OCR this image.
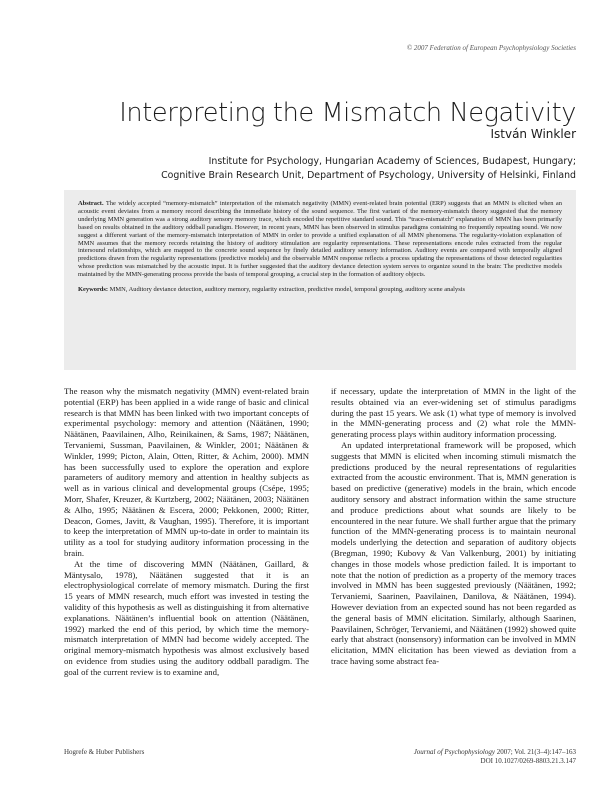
© 2007 Federation of European Psychophysiology Societies
Interpreting the Mismatch Negativity
István Winkler
Institute for Psychology, Hungarian Academy of Sciences, Budapest, Hungary;
Cognitive Brain Research Unit, Department of Psychology, University of Helsinki, Finland

Abstract. The widely accepted “memory-mismatch” interpretation of the mismatch negativity (MMN) event-related brain potential (ERP) suggests that an MMN is elicited when an acoustic event deviates from a memory record describing the immediate history of the sound sequence. The first variant of the memory-mismatch theory suggested that the memory underlying MMN generation was a strong auditory sensory memory trace, which encoded the repetitive standard sound. This “trace-mismatch” explanation of MMN has been primarily based on results obtained in the auditory oddball paradigm. However, in recent years, MMN has been observed in stimulus paradigms containing no frequently repeating sound. We now suggest a different variant of the memory-mismatch interpretation of MMN in order to provide a unified explanation of all MMN phenomena. The regularity-violation explanation of MMN assumes that the memory records retaining the history of auditory stimulation are regularity representations. These representations encode rules extracted from the regular intersound relationships, which are mapped to the concrete sound sequence by finely detailed auditory sensory information. Auditory events are compared with temporally aligned predictions drawn from the regularity representations (predictive models) and the observable MMN response reflects a process updating the representations of those detected regularities whose prediction was mismatched by the acoustic input. It is further suggested that the auditory deviance detection system serves to organize sound in the brain: The predictive models maintained by the MMN-generating process provide the basis of temporal grouping, a crucial step in the formation of auditory objects.

Keywords: MMN, Auditory deviance detection, auditory memory, regularity extraction, predictive model, temporal grouping, auditory scene analysis

The reason why the mismatch negativity (MMN) event-related brain potential (ERP) has been applied in a wide range of basic and clinical research is that MMN has been linked with two important concepts of experimental psychology: memory and attention (Näätänen, 1990; Näätänen, Paavilainen, Alho, Reinikainen, & Sams, 1987; Näätänen, Tervaniemi, Sussman, Paavilainen, & Winkler, 2001; Näätänen & Winkler, 1999; Picton, Alain, Otten, Ritter, & Achim, 2000). MMN has been successfully used to explore the operation and explore parameters of auditory memory and attention in healthy subjects as well as in various clinical and developmental groups (Csépe, 1995; Morr, Shafer, Kreuzer, & Kurtzberg, 2002; Näätänen, 2003; Näätänen & Alho, 1995; Näätänen & Escera, 2000; Pekkonen, 2000; Ritter, Deacon, Gomes, Javitt, & Vaughan, 1995). Therefore, it is important to keep the interpretation of MMN up-to-date in order to maintain its utility as a tool for studying auditory information processing in the brain.

At the time of discovering MMN (Näätänen, Gaillard, & Mäntysalo, 1978), Näätänen suggested that it is an electrophysiological correlate of memory mismatch. During the first 15 years of MMN research, much effort was invested in testing the validity of this hypothesis as well as distinguishing it from alternative explanations. Näätänen’s influential book on attention (Näätänen, 1992) marked the end of this period, by which time the memory-mismatch interpretation of MMN had become widely accepted. The original memory-mismatch hypothesis was almost exclusively based on evidence from studies using the auditory oddball paradigm. The goal of the current review is to examine and,

if necessary, update the interpretation of MMN in the light of the results obtained via an ever-widening set of stimulus paradigms during the past 15 years. We ask (1) what type of memory is involved in the MMN-generating process and (2) what role the MMN-generating process plays within auditory information processing.

An updated interpretational framework will be proposed, which suggests that MMN is elicited when incoming stimuli mismatch the predictions produced by the neural representations of regularities extracted from the acoustic environment. That is, MMN generation is based on predictive (generative) models in the brain, which encode auditory sensory and abstract information within the same structure and produce predictions about what sounds are likely to be encountered in the near future. We shall further argue that the primary function of the MMN-generating process is to maintain neuronal models underlying the detection and separation of auditory objects (Bregman, 1990; Kubovy & Van Valkenburg, 2001) by initiating changes in those models whose prediction failed. It is important to note that the notion of prediction as a property of the memory traces involved in MMN has been suggested previously (Näätänen, 1992; Tervaniemi, Saarinen, Paavilainen, Danilova, & Näätänen, 1994). However deviation from an expected sound has not been regarded as the general basis of MMN elicitation. Similarly, although Saarinen, Paavilainen, Schröger, Tervaniemi, and Näätänen (1992) showed quite early that abstract (nonsensory) information can be involved in MMN elicitation, MMN elicitation has been viewed as deviation from a trace having some abstract fea-

Hogrefe & Huber Publishers	Journal of Psychophysiology 2007; Vol. 21(3–4):147–163
DOI 10.1027/0269-8803.21.3.147
